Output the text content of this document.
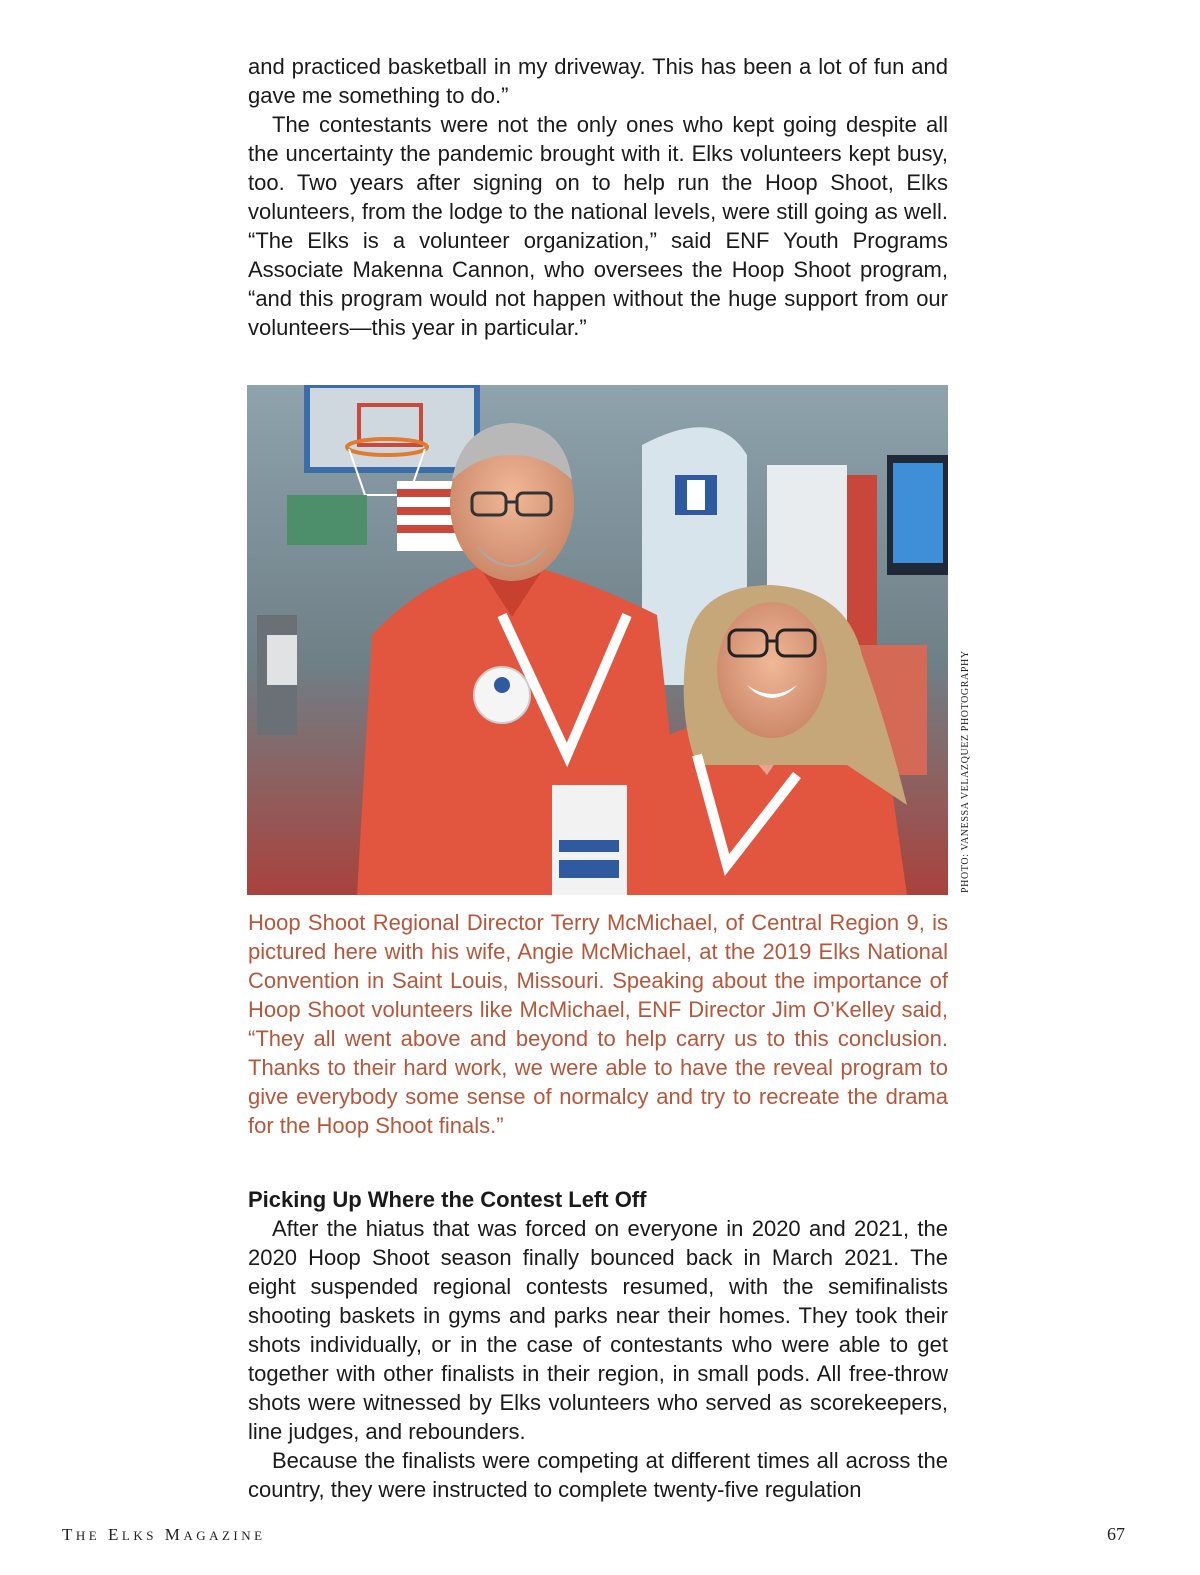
and practiced basketball in my driveway. This has been a lot of fun and gave me something to do.”

The contestants were not the only ones who kept going despite all the uncertainty the pandemic brought with it. Elks volunteers kept busy, too. Two years after signing on to help run the Hoop Shoot, Elks volunteers, from the lodge to the national levels, were still going as well. “The Elks is a volunteer organization,” said ENF Youth Programs Associate Makenna Cannon, who oversees the Hoop Shoot program, “and this program would not happen without the huge support from our volunteers—this year in particular.”

PHOTO: VANESSA VELAZQUEZ PHOTOGRAPHY

Hoop Shoot Regional Director Terry McMichael, of Central Region 9, is pictured here with his wife, Angie McMichael, at the 2019 Elks National Convention in Saint Louis, Missouri. Speaking about the importance of Hoop Shoot volunteers like McMichael, ENF Director Jim O’Kelley said, “They all went above and beyond to help carry us to this conclusion. Thanks to their hard work, we were able to have the reveal program to give everybody some sense of normalcy and try to recreate the drama for the Hoop Shoot finals.”

Picking Up Where the Contest Left Off

After the hiatus that was forced on everyone in 2020 and 2021, the 2020 Hoop Shoot season finally bounced back in March 2021. The eight suspended regional contests resumed, with the semifinalists shooting baskets in gyms and parks near their homes. They took their shots individually, or in the case of contestants who were able to get together with other finalists in their region, in small pods. All free-throw shots were witnessed by Elks volunteers who served as scorekeepers, line judges, and rebounders.

Because the finalists were competing at different times all across the country, they were instructed to complete twenty-five regulation

THE ELKS MAGAZINE	67
